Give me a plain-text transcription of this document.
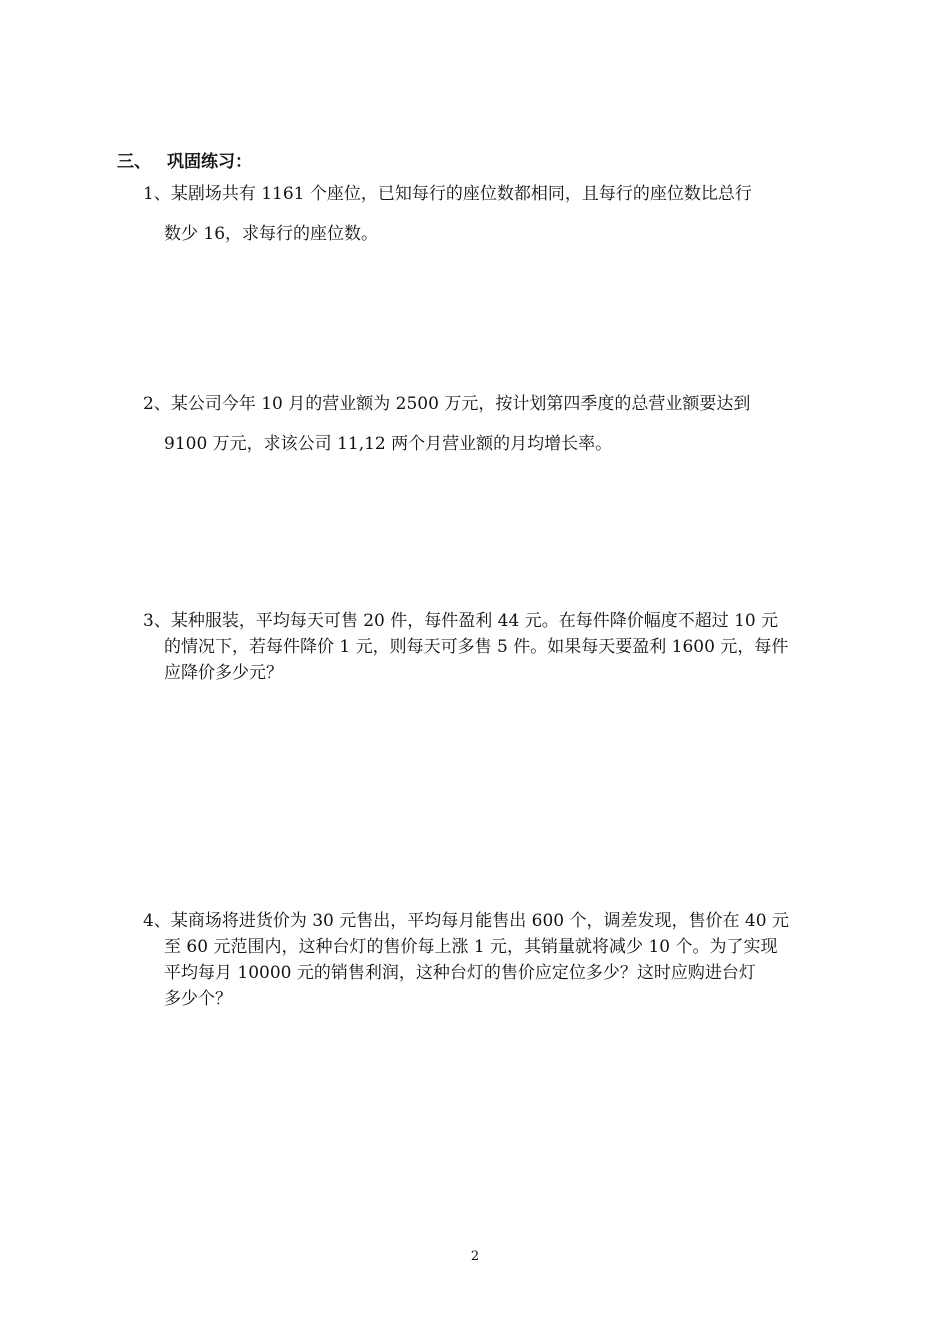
三、 巩固练习：
1、某剧场共有 1161 个座位，已知每行的座位数都相同，且每行的座位数比总行
数少 16，求每行的座位数。
2、某公司今年 10 月的营业额为 2500 万元，按计划第四季度的总营业额要达到
9100 万元，求该公司 11,12 两个月营业额的月均增长率。
3、某种服装，平均每天可售 20 件，每件盈利 44 元。在每件降价幅度不超过 10 元
的情况下，若每件降价 1 元，则每天可多售 5 件。如果每天要盈利 1600 元，每件
应降价多少元？
4、某商场将进货价为 30 元售出，平均每月能售出 600 个，调差发现，售价在 40 元
至 60 元范围内，这种台灯的售价每上涨 1 元，其销量就将减少 10 个。为了实现
平均每月 10000 元的销售利润，这种台灯的售价应定位多少？这时应购进台灯
多少个？
2
